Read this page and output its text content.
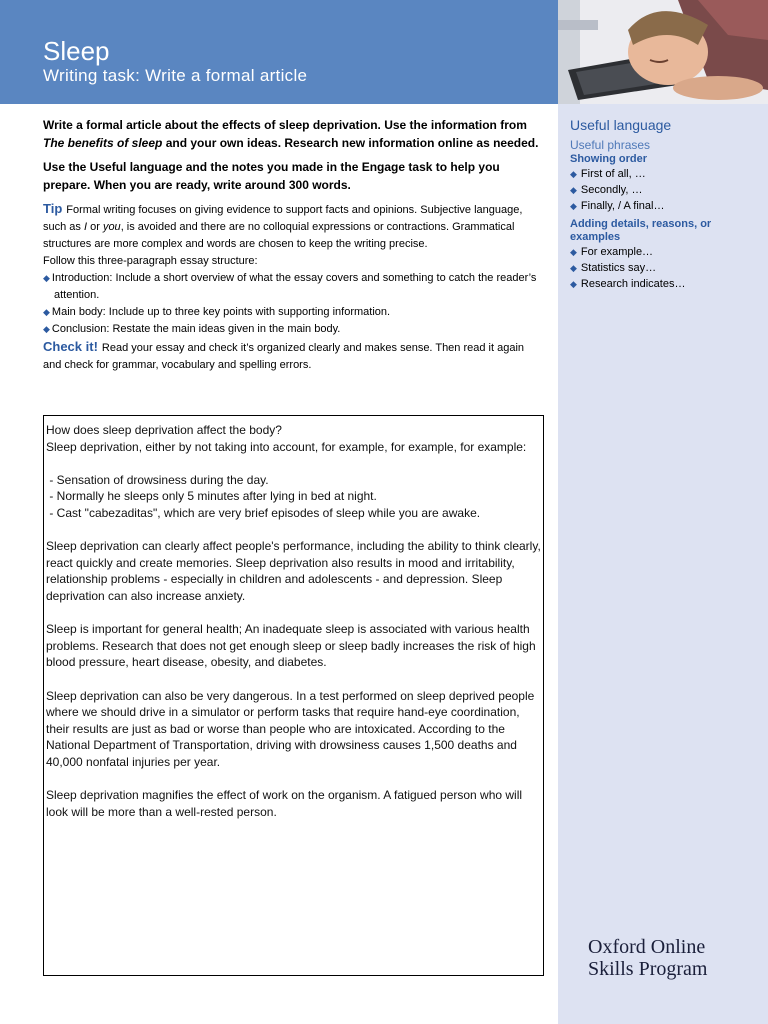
Sleep
Writing task: Write a formal article
Useful language
Useful phrases
Showing order
◆ First of all, …
◆ Secondly, …
◆ Finally, / A final…
Adding details, reasons, or examples
◆ For example…
◆ Statistics say…
◆ Research indicates…
Write a formal article about the effects of sleep deprivation. Use the information from The benefits of sleep and your own ideas. Research new information online as needed.
Use the Useful language and the notes you made in the Engage task to help you prepare. When you are ready, write around 300 words.
Tip Formal writing focuses on giving evidence to support facts and opinions. Subjective language, such as I or you, is avoided and there are no colloquial expressions or contractions. Grammatical structures are more complex and words are chosen to keep the writing precise.
Follow this three-paragraph essay structure:
◆ Introduction: Include a short overview of what the essay covers and something to catch the reader’s attention.
◆ Main body: Include up to three key points with supporting information.
◆ Conclusion: Restate the main ideas given in the main body.
Check it! Read your essay and check it’s organized clearly and makes sense. Then read it again and check for grammar, vocabulary and spelling errors.

How does sleep deprivation affect the body?

Sleep deprivation, either by not taking into account, for example, for example, for example:

- Sensation of drowsiness during the day.

- Normally he sleeps only 5 minutes after lying in bed at night.

- Cast "cabezaditas", which are very brief episodes of sleep while you are awake.

Sleep deprivation can clearly affect people's performance, including the ability to think clearly, react quickly and create memories. Sleep deprivation also results in mood and irritability, relationship problems - especially in children and adolescents - and depression. Sleep deprivation can also increase anxiety.

Sleep is important for general health; An inadequate sleep is associated with various health problems. Research that does not get enough sleep or sleep badly increases the risk of high blood pressure, heart disease, obesity, and diabetes.

Sleep deprivation can also be very dangerous. In a test performed on sleep deprived people where we should drive in a simulator or perform tasks that require hand-eye coordination, their results are just as bad or worse than people who are intoxicated. According to the National Department of Transportation, driving with drowsiness causes 1,500 deaths and 40,000 nonfatal injuries per year.

Sleep deprivation magnifies the effect of work on the organism. A fatigued person who will look will be more than a well-rested person.

Oxford Online
Skills Program
